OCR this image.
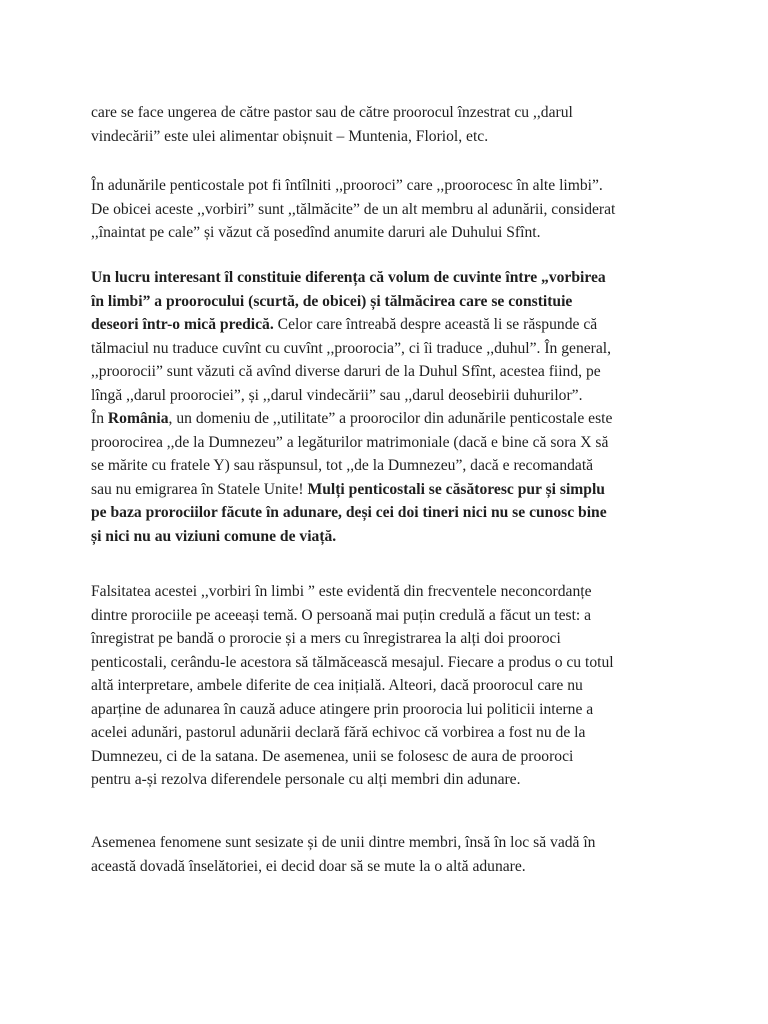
care se face ungerea de către pastor sau de către proorocul înzestrat cu ,,darul
vindecării” este ulei alimentar obișnuit – Muntenia, Floriol, etc.
În adunările penticostale pot fi întîlniti ,,prooroci” care ,,proorocesc în alte limbi”.
De obicei aceste ,,vorbiri” sunt ,,tălmăcite” de un alt membru al adunării, considerat
,,înaintat pe cale” și văzut că posedînd anumite daruri ale Duhului Sfînt.
Un lucru interesant îl constituie diferența că volum de cuvinte între „vorbirea
în limbi” a proorocului (scurtă, de obicei) și tălmăcirea care se constituie
deseori într-o mică predică. Celor care întreabă despre această li se răspunde că
tălmaciul nu traduce cuvînt cu cuvînt ,,proorocia”, ci îi traduce ,,duhul”. În general,
,,proorocii” sunt văzuti că avînd diverse daruri de la Duhul Sfînt, acestea fiind, pe
lîngă ,,darul proorociei”, și ,,darul vindecării” sau ,,darul deosebirii duhurilor”.
În România, un domeniu de ,,utilitate” a proorocilor din adunările penticostale este
proorocirea ,,de la Dumnezeu” a legăturilor matrimoniale (dacă e bine că sora X să
se mărite cu fratele Y) sau răspunsul, tot ,,de la Dumnezeu”, dacă e recomandată
sau nu emigrarea în Statele Unite! Mulți penticostali se căsătoresc pur și simplu
pe baza prorociilor făcute în adunare, deși cei doi tineri nici nu se cunosc bine
și nici nu au viziuni comune de viață.
Falsitatea acestei ,,vorbiri în limbi ” este evidentă din frecventele neconcordanțe
dintre prorociile pe aceeași temă. O persoană mai puțin credulă a făcut un test: a
înregistrat pe bandă o prorocie și a mers cu înregistrarea la alți doi prooroci
penticostali, cerându-le acestora să tălmăcească mesajul. Fiecare a produs o cu totul
altă interpretare, ambele diferite de cea inițială. Alteori, dacă proorocul care nu
aparține de adunarea în cauză aduce atingere prin proorocia lui politicii interne a
acelei adunări, pastorul adunării declară fără echivoc că vorbirea a fost nu de la
Dumnezeu, ci de la satana. De asemenea, unii se folosesc de aura de prooroci
pentru a-și rezolva diferendele personale cu alți membri din adunare.
Asemenea fenomene sunt sesizate și de unii dintre membri, însă în loc să vadă în
această dovadă înselătoriei, ei decid doar să se mute la o altă adunare.
